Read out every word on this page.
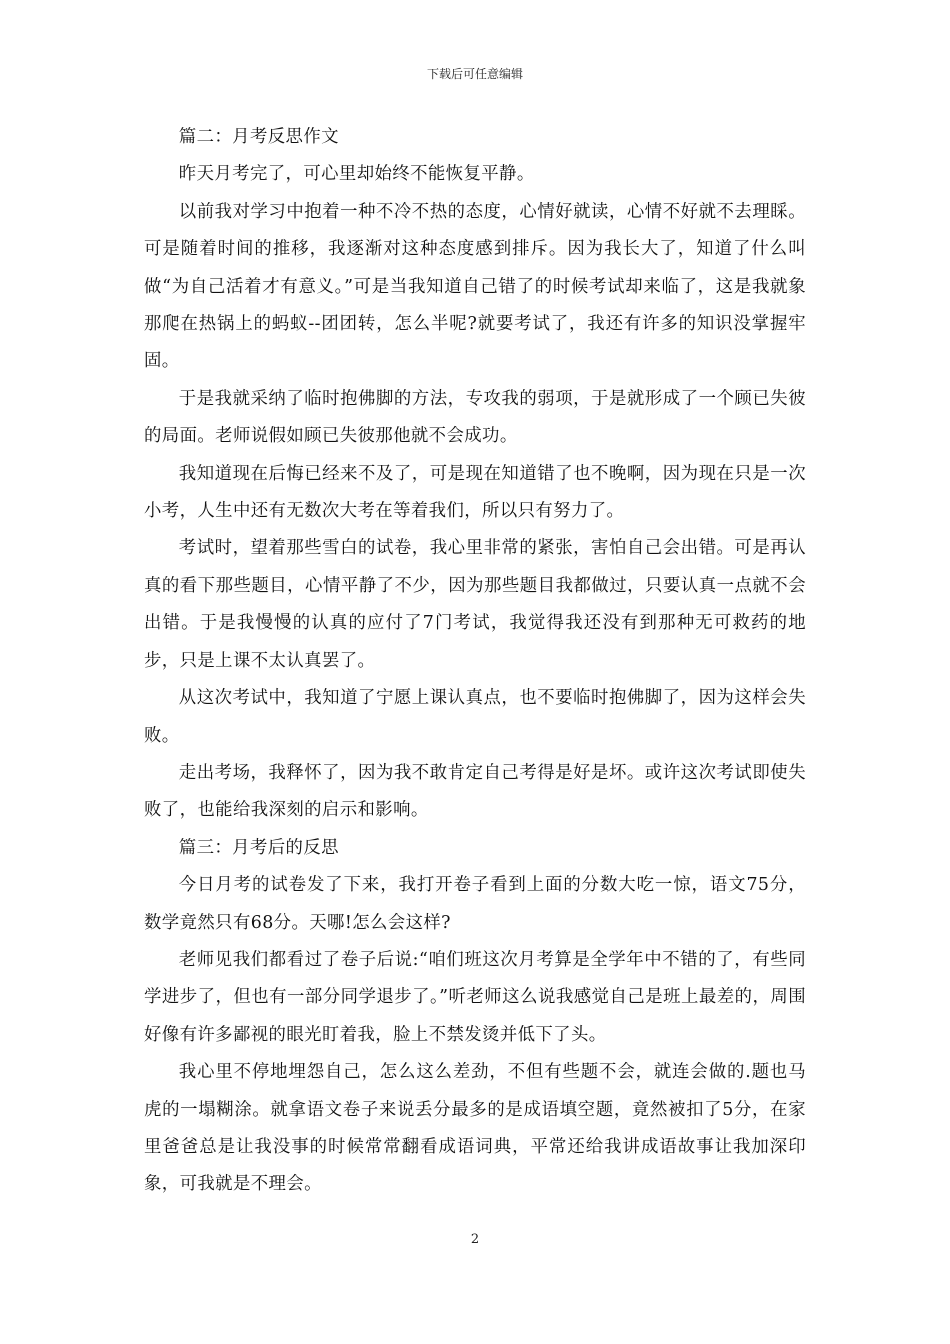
下载后可任意编辑

篇二：月考反思作文

昨天月考完了，可心里却始终不能恢复平静。

以前我对学习中抱着一种不冷不热的态度，心情好就读，心情不好就不去理睬。可是随着时间的推移，我逐渐对这种态度感到排斥。因为我长大了，知道了什么叫做“为自己活着才有意义。”可是当我知道自己错了的时候考试却来临了，这是我就象那爬在热锅上的蚂蚁--团团转，怎么半呢?就要考试了，我还有许多的知识没掌握牢固。

于是我就采纳了临时抱佛脚的方法，专攻我的弱项，于是就形成了一个顾已失彼的局面。老师说假如顾已失彼那他就不会成功。

我知道现在后悔已经来不及了，可是现在知道错了也不晚啊，因为现在只是一次小考，人生中还有无数次大考在等着我们，所以只有努力了。

考试时，望着那些雪白的试卷，我心里非常的紧张，害怕自己会出错。可是再认真的看下那些题目，心情平静了不少，因为那些题目我都做过，只要认真一点就不会出错。于是我慢慢的认真的应付了7门考试，我觉得我还没有到那种无可救药的地步，只是上课不太认真罢了。

从这次考试中，我知道了宁愿上课认真点，也不要临时抱佛脚了，因为这样会失败。

走出考场，我释怀了，因为我不敢肯定自己考得是好是坏。或许这次考试即使失败了，也能给我深刻的启示和影响。

篇三：月考后的反思

今日月考的试卷发了下来，我打开卷子看到上面的分数大吃一惊，语文75分，数学竟然只有68分。天哪!怎么会这样?

老师见我们都看过了卷子后说:“咱们班这次月考算是全学年中不错的了，有些同学进步了，但也有一部分同学退步了。”听老师这么说我感觉自己是班上最差的，周围好像有许多鄙视的眼光盯着我，脸上不禁发烫并低下了头。

我心里不停地埋怨自己，怎么这么差劲，不但有些题不会，就连会做的.题也马虎的一塌糊涂。就拿语文卷子来说丢分最多的是成语填空题，竟然被扣了5分，在家里爸爸总是让我没事的时候常常翻看成语词典，平常还给我讲成语故事让我加深印象，可我就是不理会。

2
